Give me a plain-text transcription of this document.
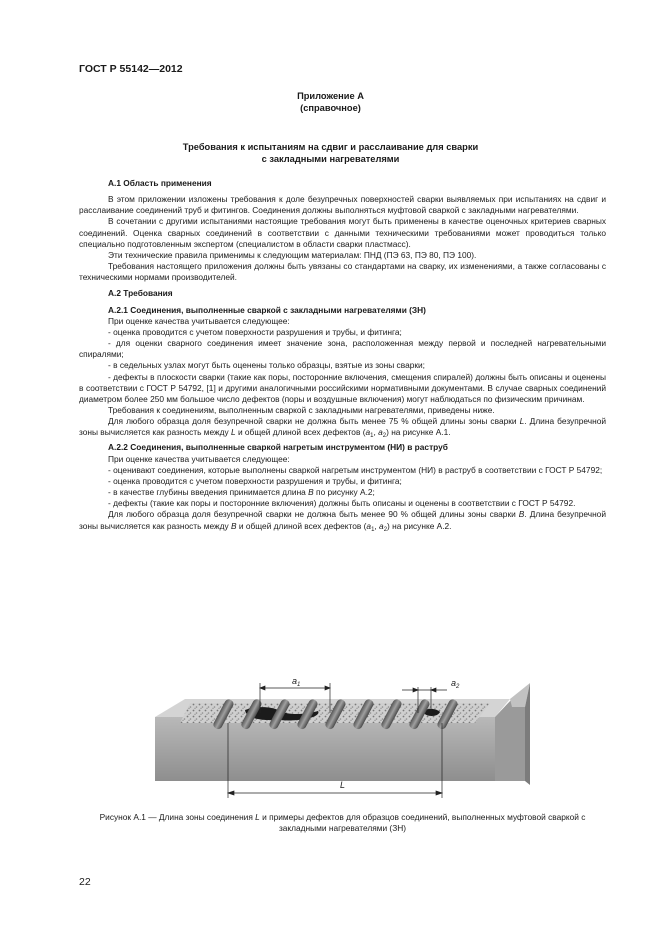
ГОСТ Р 55142—2012
Приложение А
(справочное)
Требования к испытаниям на сдвиг и расслаивание для сварки
с закладными нагревателями

А.1 Область применения

В этом приложении изложены требования к доле безупречных поверхностей сварки выявляемых при испытаниях на сдвиг и расслаивание соединений труб и фитингов. Соединения должны выполняться муфтовой сваркой с закладными нагревателями.

В сочетании с другими испытаниями настоящие требования могут быть применены в качестве оценочных критериев сварных соединений. Оценка сварных соединений в соответствии с данными техническими требованиями может проводиться только специально подготовленным экспертом (специалистом в области сварки пластмасс).

Эти технические правила применимы к следующим материалам: ПНД (ПЭ 63, ПЭ 80, ПЭ 100).

Требования настоящего приложения должны быть увязаны со стандартами на сварку, их изменениями, а также согласованы с техническими нормами производителей.

А.2 Требования

А.2.1 Соединения, выполненные сваркой с закладными нагревателями (ЗН)

При оценке качества учитывается следующее:

- оценка проводится с учетом поверхности разрушения и трубы, и фитинга;

- для оценки сварного соединения имеет значение зона, расположенная между первой и последней нагревательными спиралями;

- в седельных узлах могут быть оценены только образцы, взятые из зоны сварки;

- дефекты в плоскости сварки (такие как поры, посторонние включения, смещения спиралей) должны быть описаны и оценены в соответствии с ГОСТ Р 54792, [1] и другими аналогичными российскими нормативными документами. В случае сварных соединений диаметром более 250 мм большое число дефектов (поры и воздушные включения) могут наблюдаться по физическим причинам.

Требования к соединениям, выполненным сваркой с закладными нагревателями, приведены ниже.

Для любого образца доля безупречной сварки не должна быть менее 75 % общей длины зоны сварки L. Длина безупречной зоны вычисляется как разность между L и общей длиной всех дефектов ($a_1$, $a_2$) на рисунке А.1.

А.2.2 Соединения, выполненные сваркой нагретым инструментом (НИ) в раструб

При оценке качества учитывается следующее:

- оценивают соединения, которые выполнены сваркой нагретым инструментом (НИ) в раструб в соответствии с ГОСТ Р 54792;

- оценка проводится с учетом поверхности разрушения и трубы, и фитинга;

- в качестве глубины введения принимается длина B по рисунку А.2;

- дефекты (такие как поры и посторонние включения) должны быть описаны и оценены в соответствии с ГОСТ Р 54792.

Для любого образца доля безупречной сварки не должна быть менее 90 % общей длины зоны сварки B. Длина безупречной зоны вычисляется как разность между B и общей длиной всех дефектов ($a_1$, $a_2$) на рисунке А.2.

$a_1$	$a_2$
L
Рисунок А.1 — Длина зоны соединения L и примеры дефектов для образцов соединений, выполненных муфтовой сваркой с закладными нагревателями (ЗН)
22
